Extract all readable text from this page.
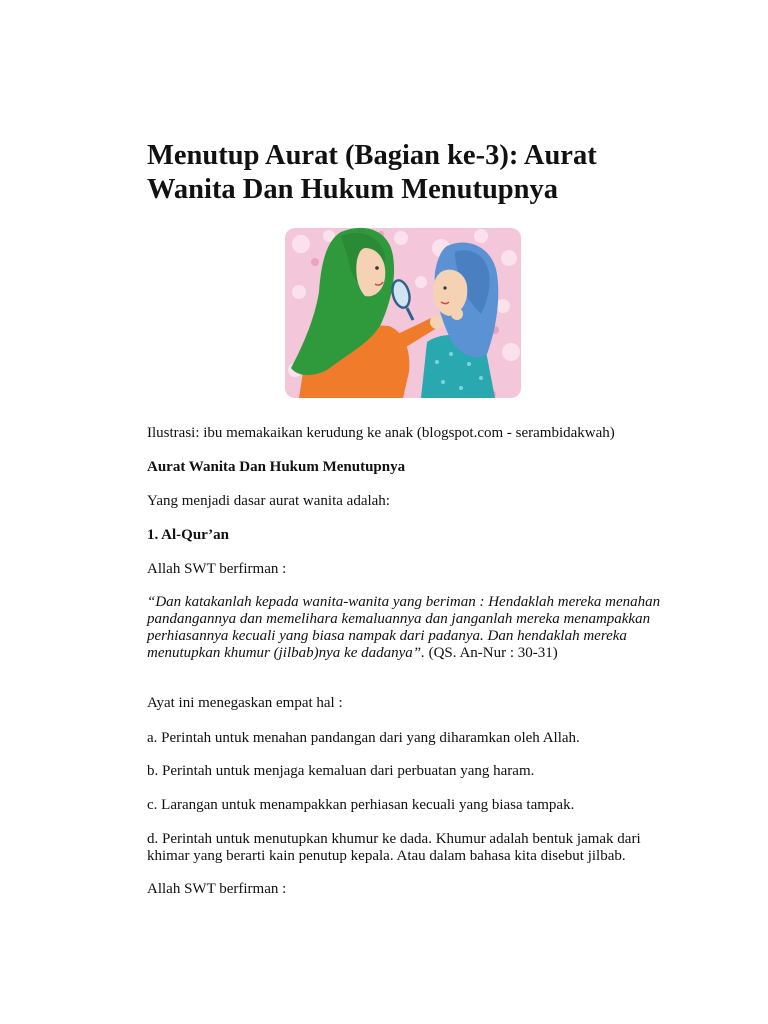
Menutup Aurat (Bagian ke-3): Aurat Wanita Dan Hukum Menutupnya

Ilustrasi: ibu memakaikan kerudung ke anak (blogspot.com - serambidakwah)

Aurat Wanita Dan Hukum Menutupnya

Yang menjadi dasar aurat wanita adalah:

1. Al-Qur’an

Allah SWT berfirman :

“Dan katakanlah kepada wanita-wanita yang beriman : Hendaklah mereka menahan pandangannya dan memelihara kemaluannya dan janganlah mereka menampakkan perhiasannya kecuali yang biasa nampak dari padanya. Dan hendaklah mereka menutupkan khumur (jilbab)nya ke dadanya”. (QS. An-Nur : 30-31)

Ayat ini menegaskan empat hal :

a. Perintah untuk menahan pandangan dari yang diharamkan oleh Allah.

b. Perintah untuk menjaga kemaluan dari perbuatan yang haram.

c. Larangan untuk menampakkan perhiasan kecuali yang biasa tampak.

d. Perintah untuk menutupkan khumur ke dada. Khumur adalah bentuk jamak dari khimar yang berarti kain penutup kepala. Atau dalam bahasa kita disebut jilbab.

Allah SWT berfirman :
